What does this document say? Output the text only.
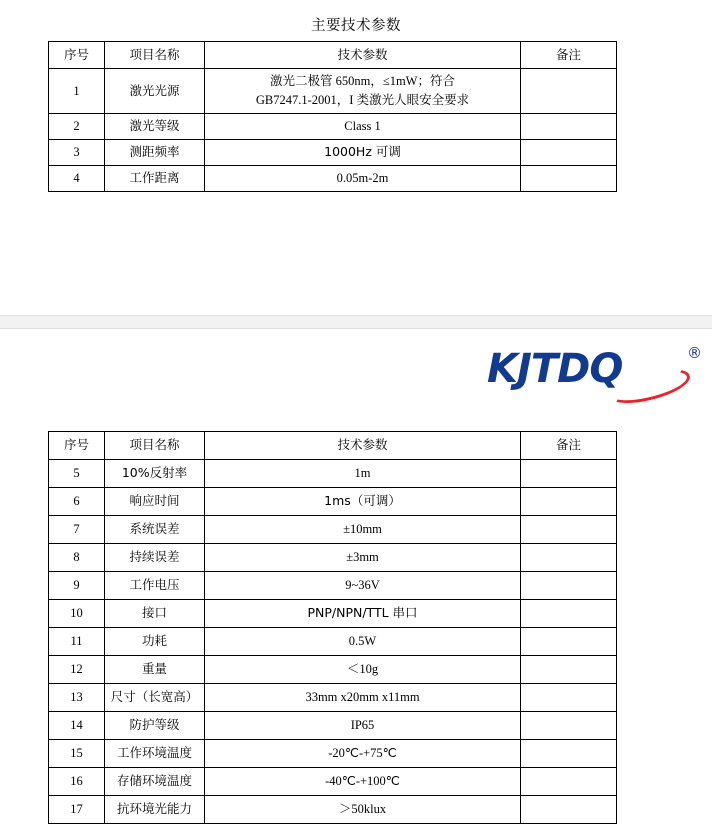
主要技术参数
序号	项目名称	技术参数	备注
1	激光光源	激光二极管 650nm，≤1mW；符合
GB7247.1-2001，I 类激光人眼安全要求	

2	激光等级	Class 1	
3	测距频率	1000Hz 可调	
4	工作距离	0.05m-2m	
KJTDQ	®
序号	项目名称	技术参数	备注
5	10%反射率	1m	
6	响应时间	1ms（可调）	
7	系统误差	±10mm	
8	持续误差	±3mm	
9	工作电压	9~36V	
10	接口	PNP/NPN/TTL 串口	
11	功耗	0.5W	
12	重量	＜10g	
13	尺寸（长宽高）	33mm x20mm x11mm	
14	防护等级	IP65	
15	工作环境温度	-20℃-+75℃	
16	存储环境温度	-40℃-+100℃	
17	抗环境光能力	＞50klux	
